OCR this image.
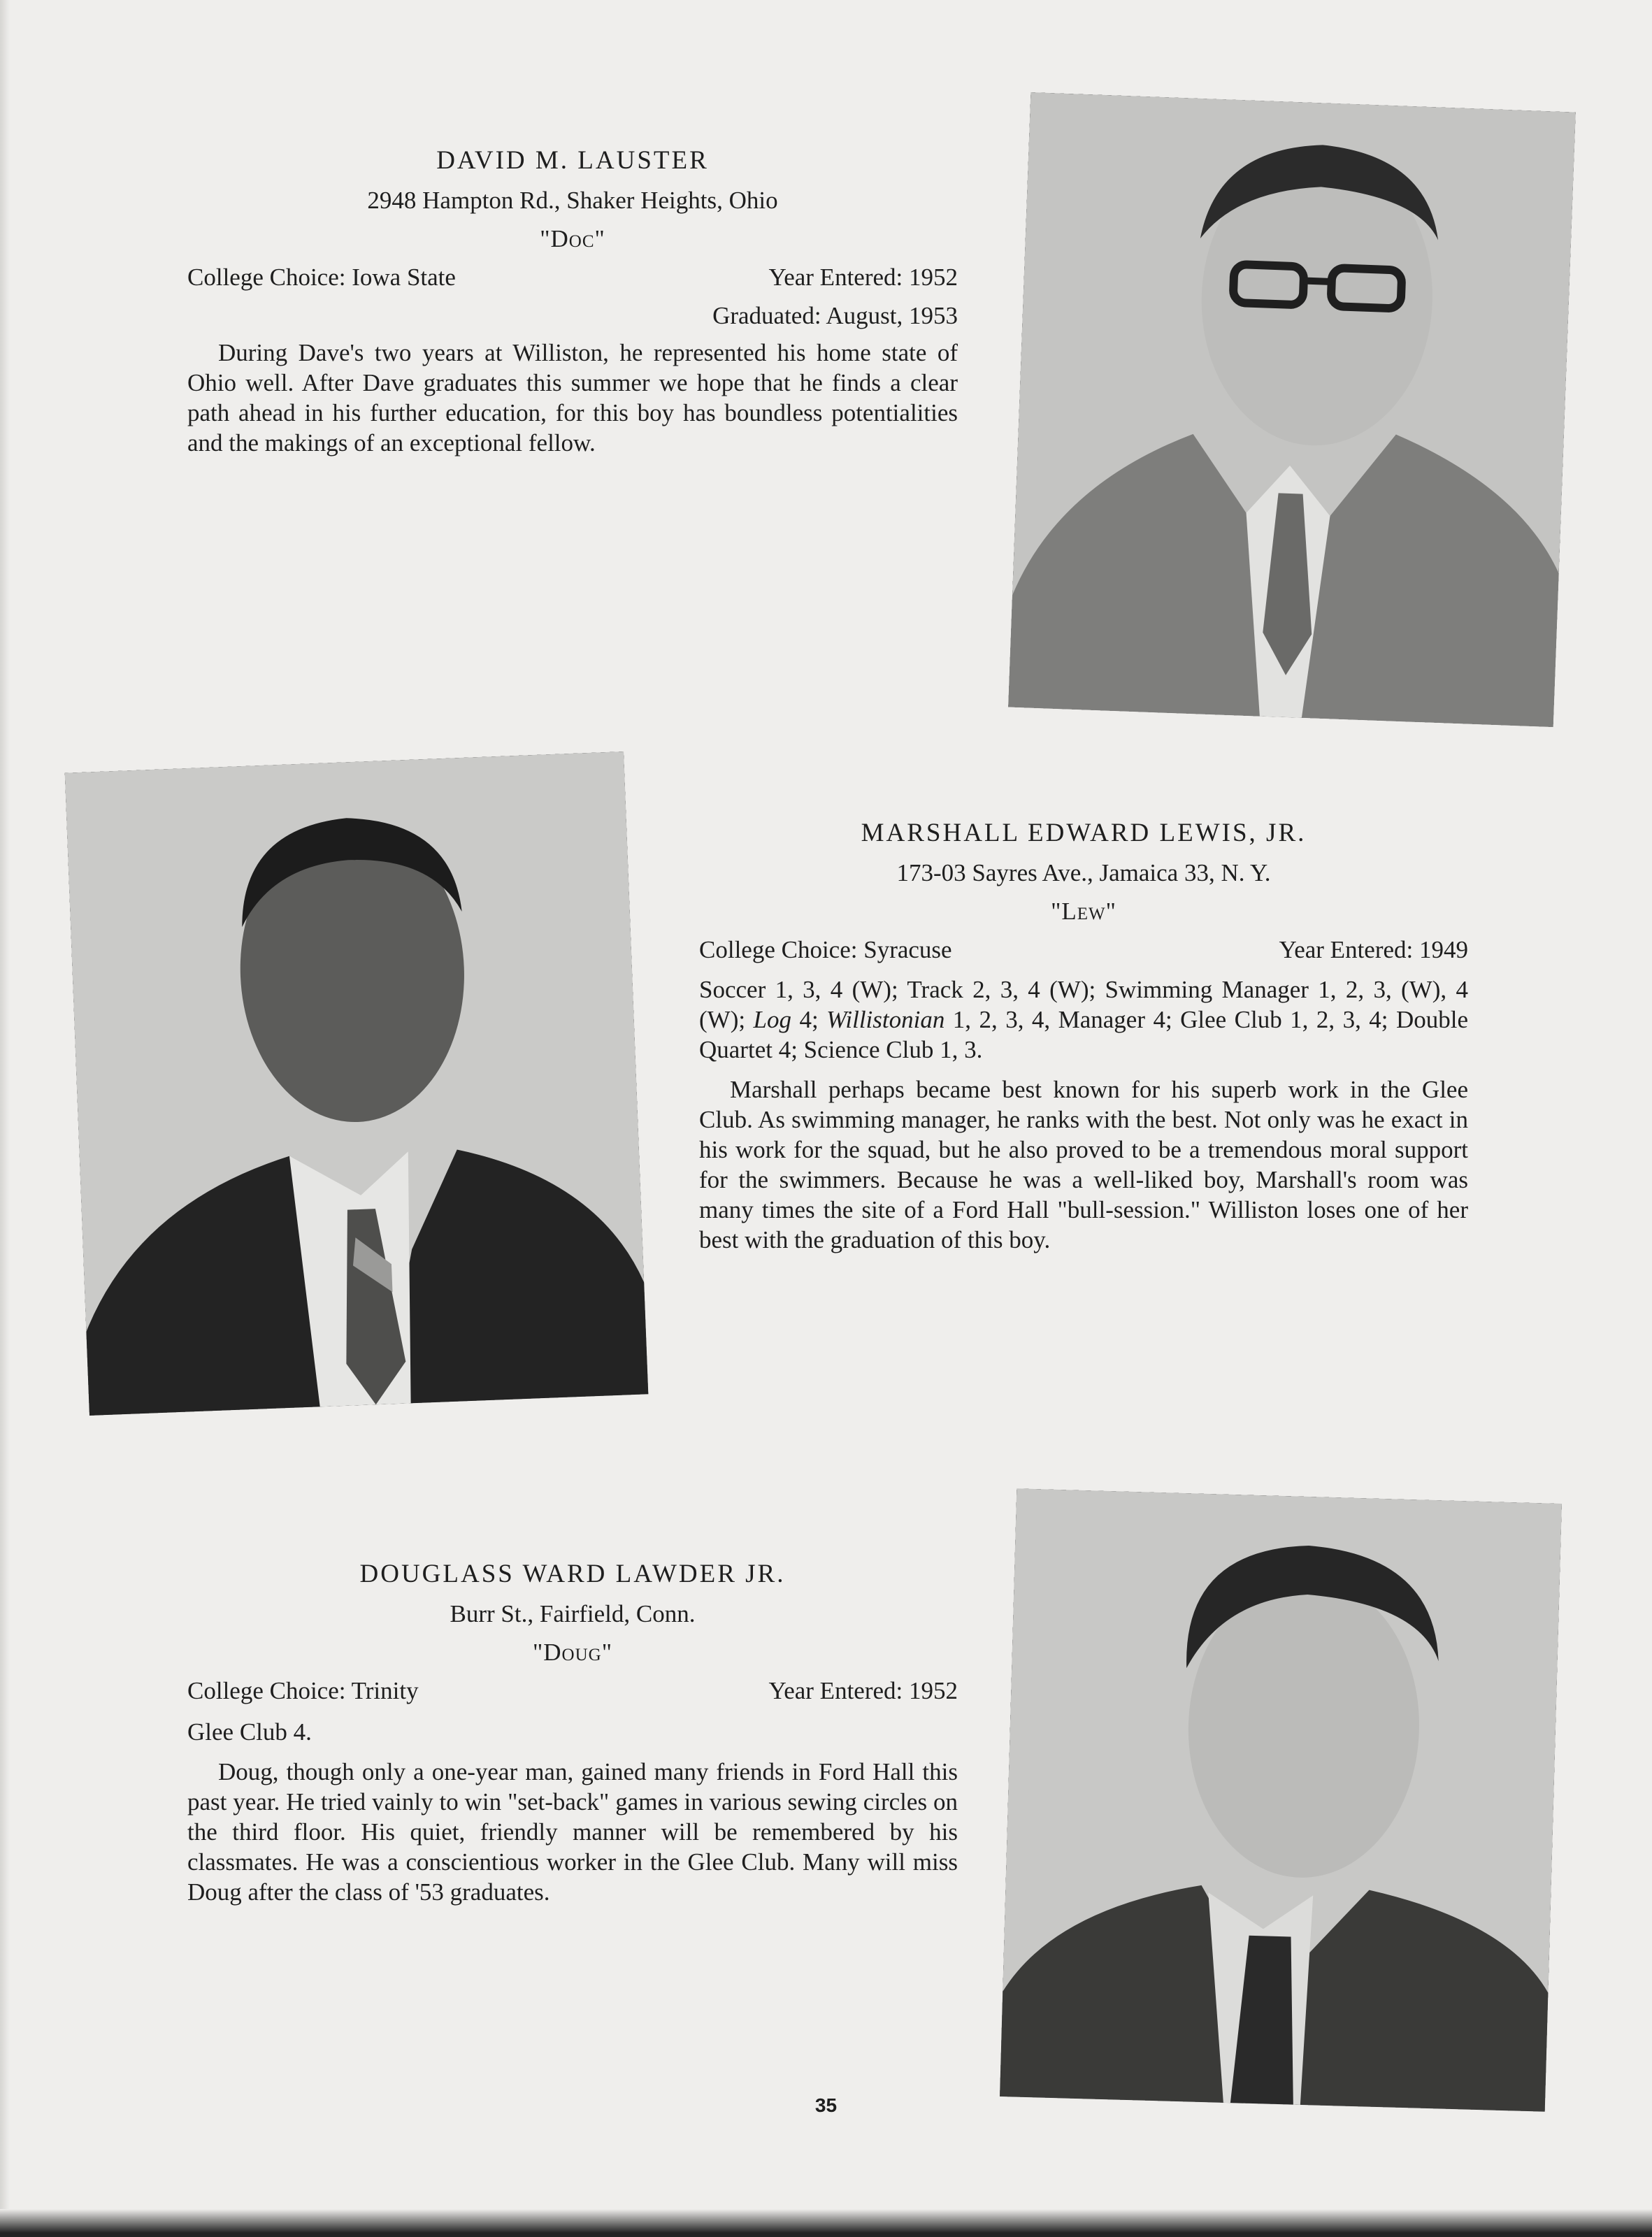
DAVID M. LAUSTER
2948 Hampton Rd., Shaker Heights, Ohio
"Doc"
College Choice: Iowa State	Year Entered: 1952
Graduated: August, 1953
During Dave's two years at Williston, he represented his home state of Ohio well. After Dave graduates this summer we hope that he finds a clear path ahead in his further education, for this boy has boundless potentialities and the makings of an exceptional fellow.
MARSHALL EDWARD LEWIS, JR.
173-03 Sayres Ave., Jamaica 33, N. Y.
"Lew"
College Choice: Syracuse	Year Entered: 1949
Soccer 1, 3, 4 (W); Track 2, 3, 4 (W); Swimming Manager 1, 2, 3, (W), 4 (W); Log 4; Willistonian 1, 2, 3, 4, Manager 4; Glee Club 1, 2, 3, 4; Double Quartet 4; Science Club 1, 3.
Marshall perhaps became best known for his superb work in the Glee Club. As swimming manager, he ranks with the best. Not only was he exact in his work for the squad, but he also proved to be a tremendous moral support for the swimmers. Because he was a well-liked boy, Marshall's room was many times the site of a Ford Hall "bull-session." Williston loses one of her best with the graduation of this boy.
DOUGLASS WARD LAWDER JR.
Burr St., Fairfield, Conn.
"Doug"
College Choice: Trinity	Year Entered: 1952
Glee Club 4.
Doug, though only a one-year man, gained many friends in Ford Hall this past year. He tried vainly to win "set-back" games in various sewing circles on the third floor. His quiet, friendly manner will be remembered by his classmates. He was a conscientious worker in the Glee Club. Many will miss Doug after the class of '53 graduates.
35
